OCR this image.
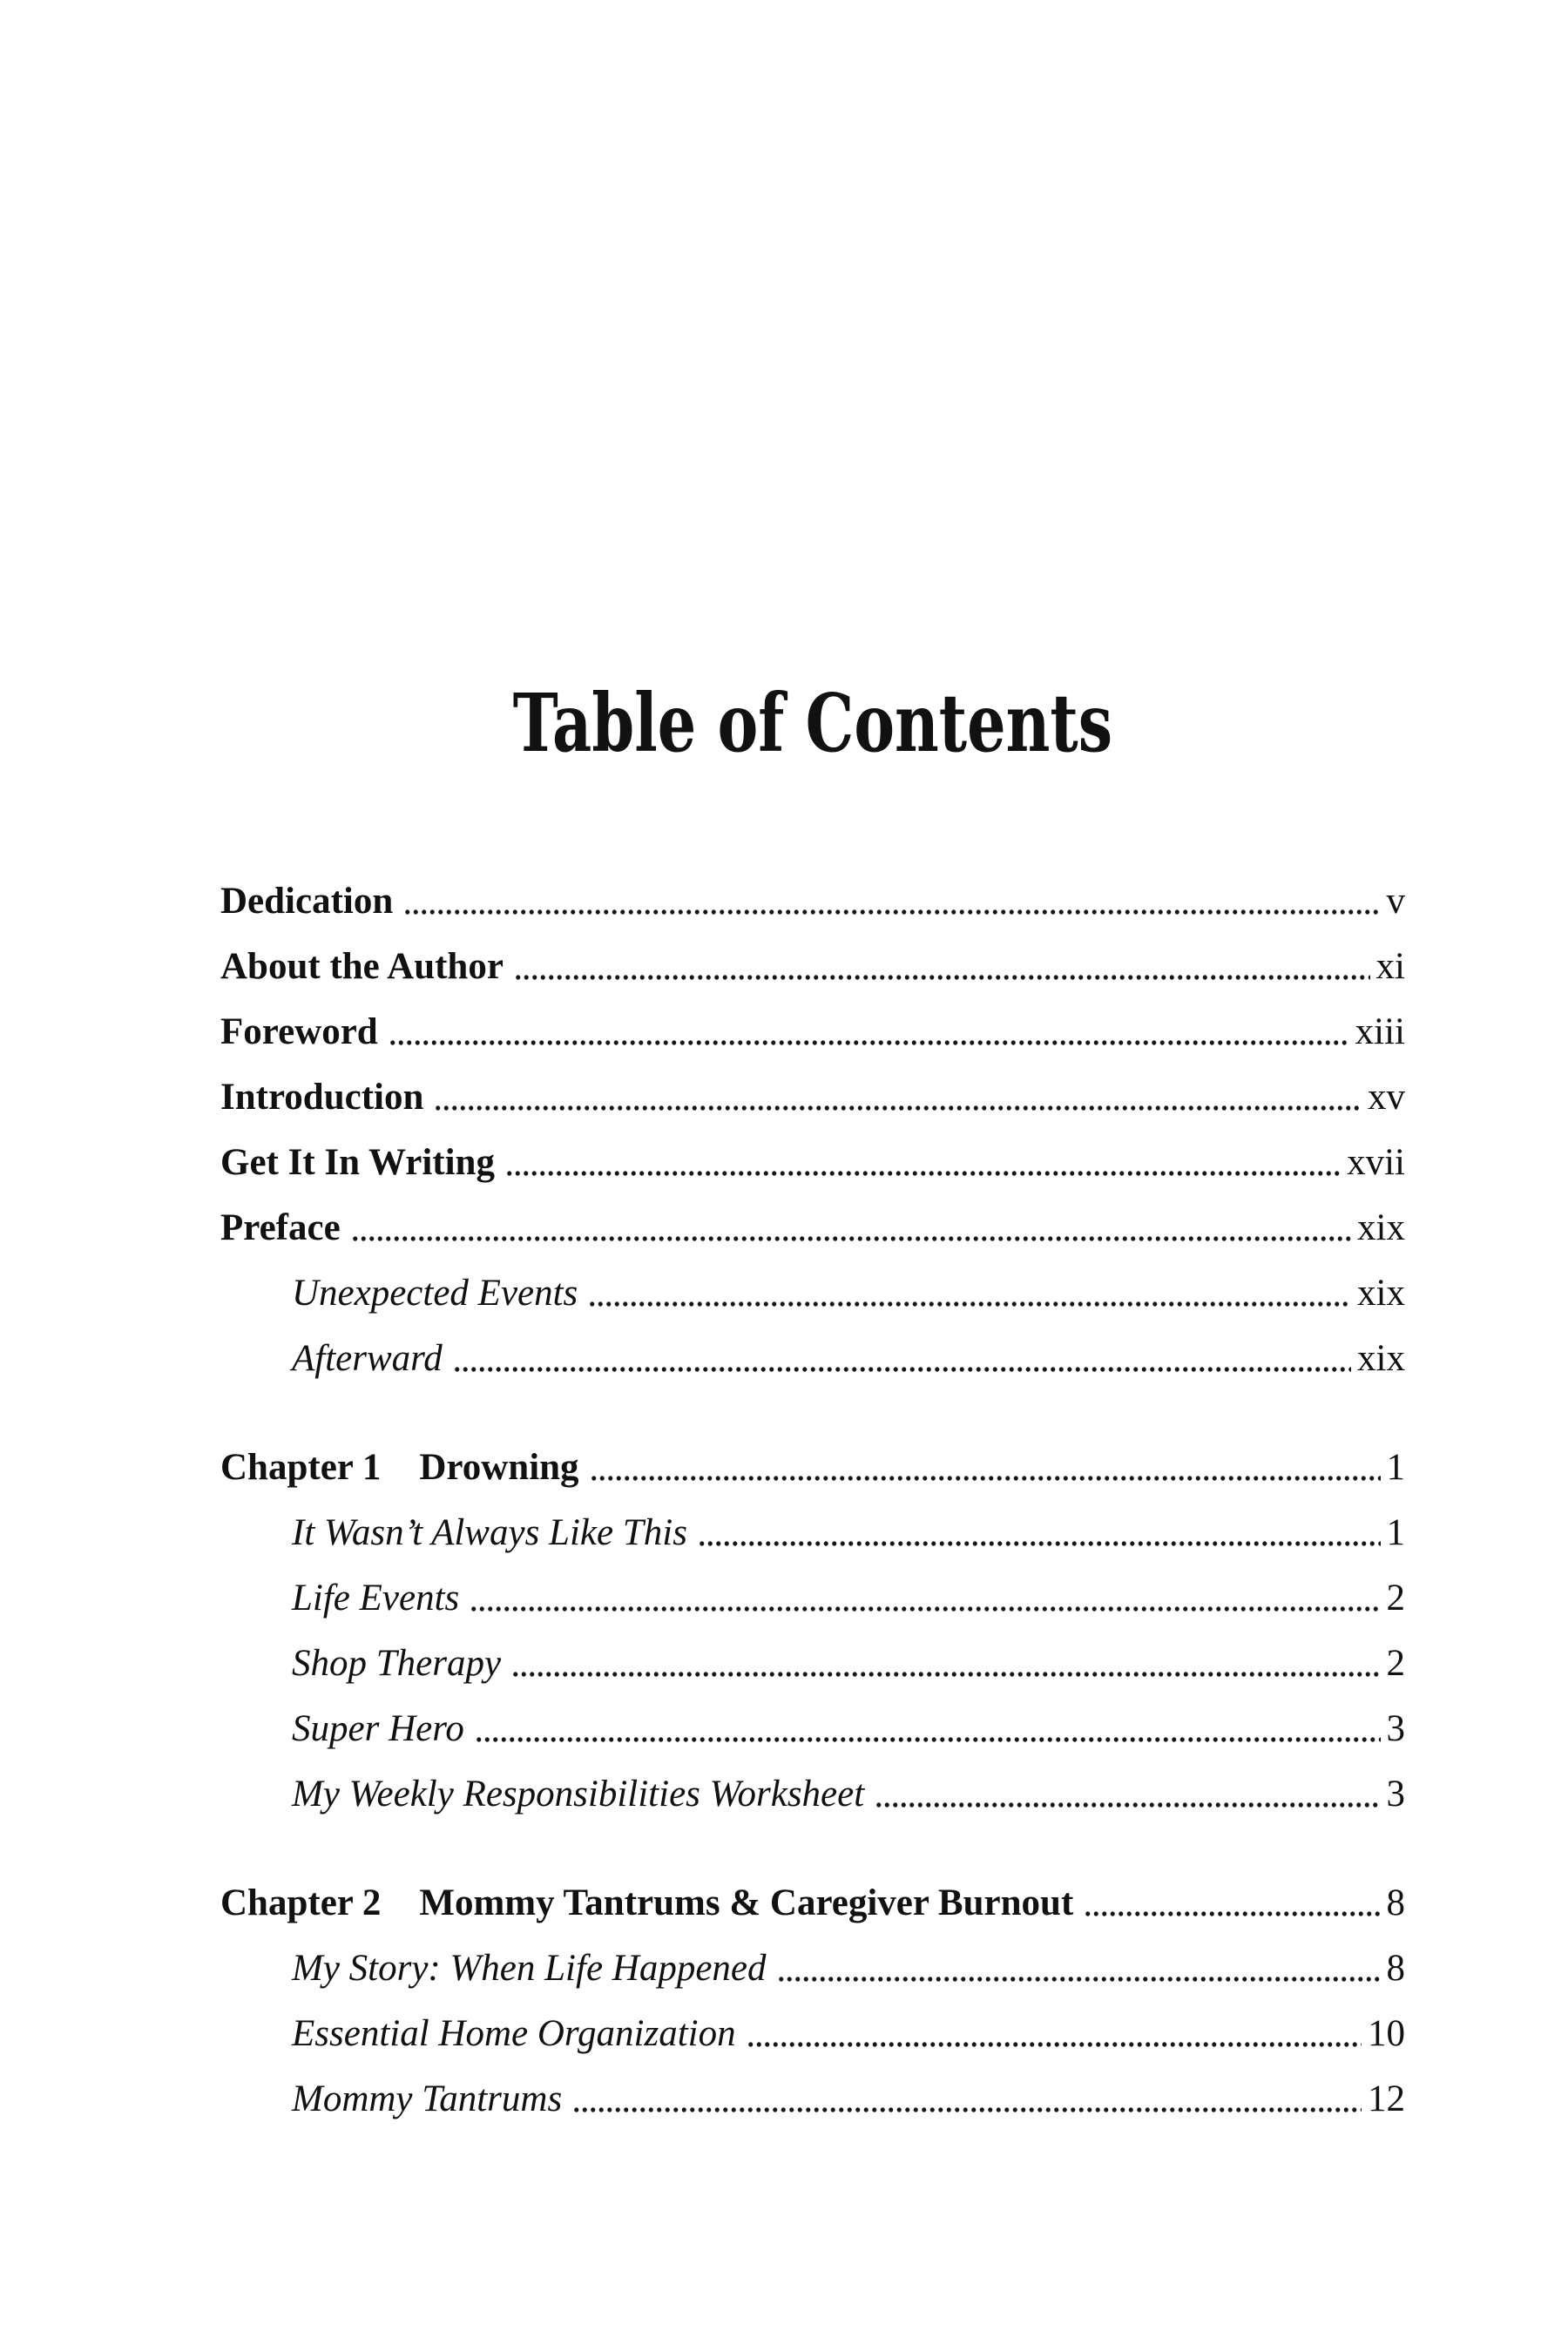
Table of Contents
Dedication	v
About the Author	xi
Foreword	xiii
Introduction	xv
Get It In Writing	xvii
Preface	xix
Unexpected Events	xix
Afterward	xix
Chapter 1 Drowning	1
It Wasn’t Always Like This	1
Life Events	2
Shop Therapy	2
Super Hero	3
My Weekly Responsibilities Worksheet	3
Chapter 2 Mommy Tantrums & Caregiver Burnout	8
My Story: When Life Happened	8
Essential Home Organization	10
Mommy Tantrums	12
